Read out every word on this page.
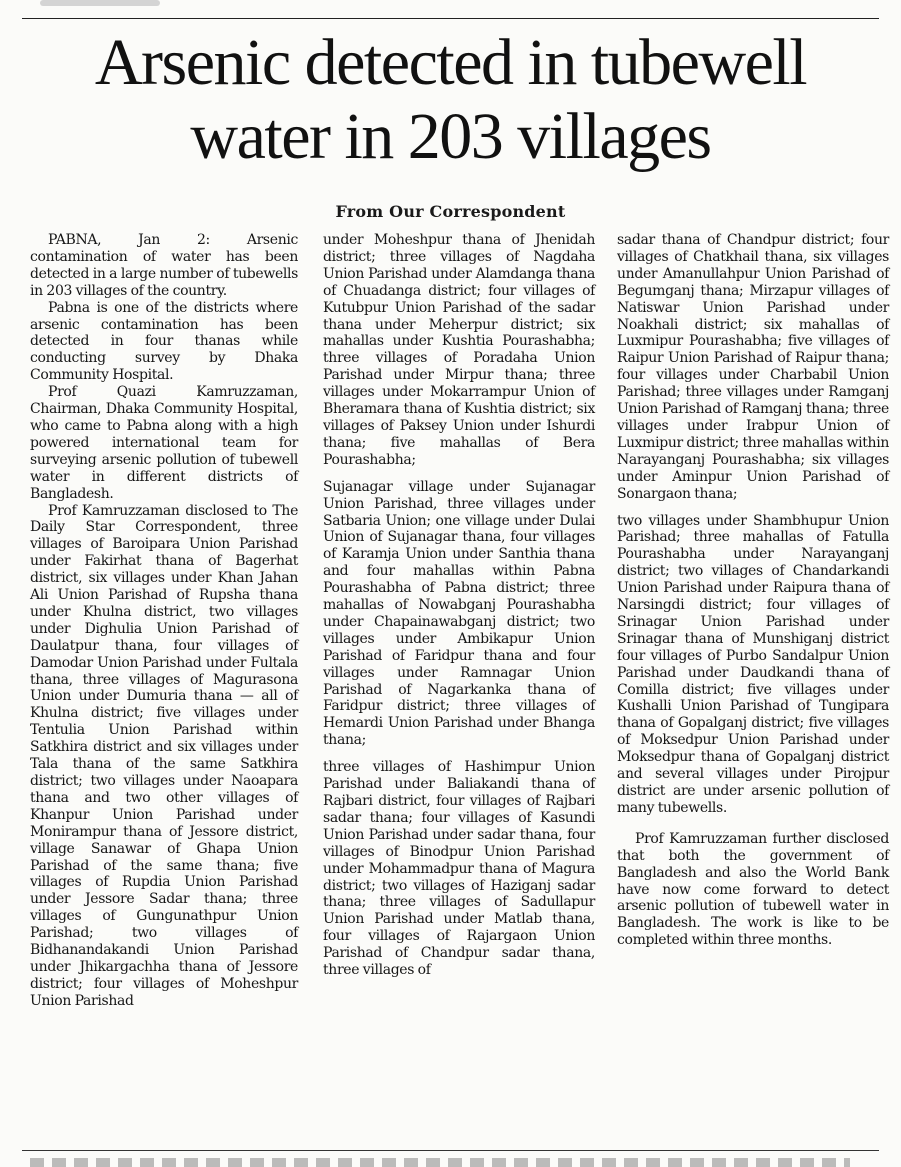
Arsenic detected in tubewell water in 203 villages
From Our Correspondent

PABNA, Jan 2: Arsenic contamination of water has been detected in a large number of tubewells in 203 villages of the country.

Pabna is one of the districts where arsenic contamination has been detected in four thanas while conducting survey by Dhaka Community Hospital.

Prof Quazi Kamruzzaman, Chairman, Dhaka Community Hospital, who came to Pabna along with a high powered international team for surveying arsenic pollution of tubewell water in different districts of Bangladesh.

Prof Kamruzzaman disclosed to The Daily Star Correspondent, three villages of Baroipara Union Parishad under Fakirhat thana of Bagerhat district, six villages under Khan Jahan Ali Union Parishad of Rupsha thana under Khulna district, two villages under Dighulia Union Parishad of Daulatpur thana, four villages of Damodar Union Parishad under Fultala thana, three villages of Magurasona Union under Dumuria thana — all of Khulna district; five villages under Tentulia Union Parishad within Satkhira district and six villages under Tala thana of the same Satkhira district; two villages under Naoapara thana and two other villages of Khanpur Union Parishad under Monirampur thana of Jessore district, village Sanawar of Ghapa Union Parishad of the same thana; five villages of Rupdia Union Parishad under Jessore Sadar thana; three villages of Gungunathpur Union Parishad; two villages of Bidhanandakandi Union Parishad under Jhikargachha thana of Jessore district; four villages of Moheshpur Union Parishad

under Moheshpur thana of Jhenidah district; three villages of Nagdaha Union Parishad under Alamdanga thana of Chuadanga district; four villages of Kutubpur Union Parishad of the sadar thana under Meherpur district; six mahallas under Kushtia Pourashabha; three villages of Poradaha Union Parishad under Mirpur thana; three villages under Mokarrampur Union of Bheramara thana of Kushtia district; six villages of Paksey Union under Ishurdi thana; five mahallas of Bera Pourashabha;

Sujanagar village under Sujanagar Union Parishad, three villages under Satbaria Union; one village under Dulai Union of Sujanagar thana, four villages of Karamja Union under Santhia thana and four mahallas within Pabna Pourashabha of Pabna district; three mahallas of Nowabganj Pourashabha under Chapainawabganj district; two villages under Ambikapur Union Parishad of Faridpur thana and four villages under Ramnagar Union Parishad of Nagarkanka thana of Faridpur district; three villages of Hemardi Union Parishad under Bhanga thana;

three villages of Hashimpur Union Parishad under Baliakandi thana of Rajbari district, four villages of Rajbari sadar thana; four villages of Kasundi Union Parishad under sadar thana, four villages of Binodpur Union Parishad under Mohammadpur thana of Magura district; two villages of Haziganj sadar thana; three villages of Sadullapur Union Parishad under Matlab thana, four villages of Rajargaon Union Parishad of Chandpur sadar thana, three villages of

sadar thana of Chandpur district; four villages of Chatkhail thana, six villages under Amanullahpur Union Parishad of Begumganj thana; Mirzapur villages of Natiswar Union Parishad under Noakhali district; six mahallas of Luxmipur Pourashabha; five villages of Raipur Union Parishad of Raipur thana; four villages under Charbabil Union Parishad; three villages under Ramganj Union Parishad of Ramganj thana; three villages under Irabpur Union of Luxmipur district; three mahallas within Narayanganj Pourashabha; six villages under Aminpur Union Parishad of Sonargaon thana;

two villages under Shambhupur Union Parishad; three mahallas of Fatulla Pourashabha under Narayanganj district; two villages of Chandarkandi Union Parishad under Raipura thana of Narsingdi district; four villages of Srinagar Union Parishad under Srinagar thana of Munshiganj district four villages of Purbo Sandalpur Union Parishad under Daudkandi thana of Comilla district; five villages under Kushalli Union Parishad of Tungipara thana of Gopalganj district; five villages of Moksedpur Union Parishad under Moksedpur thana of Gopalganj district and several villages under Pirojpur district are under arsenic pollution of many tubewells.

Prof Kamruzzaman further disclosed that both the government of Bangladesh and also the World Bank have now come forward to detect arsenic pollution of tubewell water in Bangladesh. The work is like to be completed within three months.
